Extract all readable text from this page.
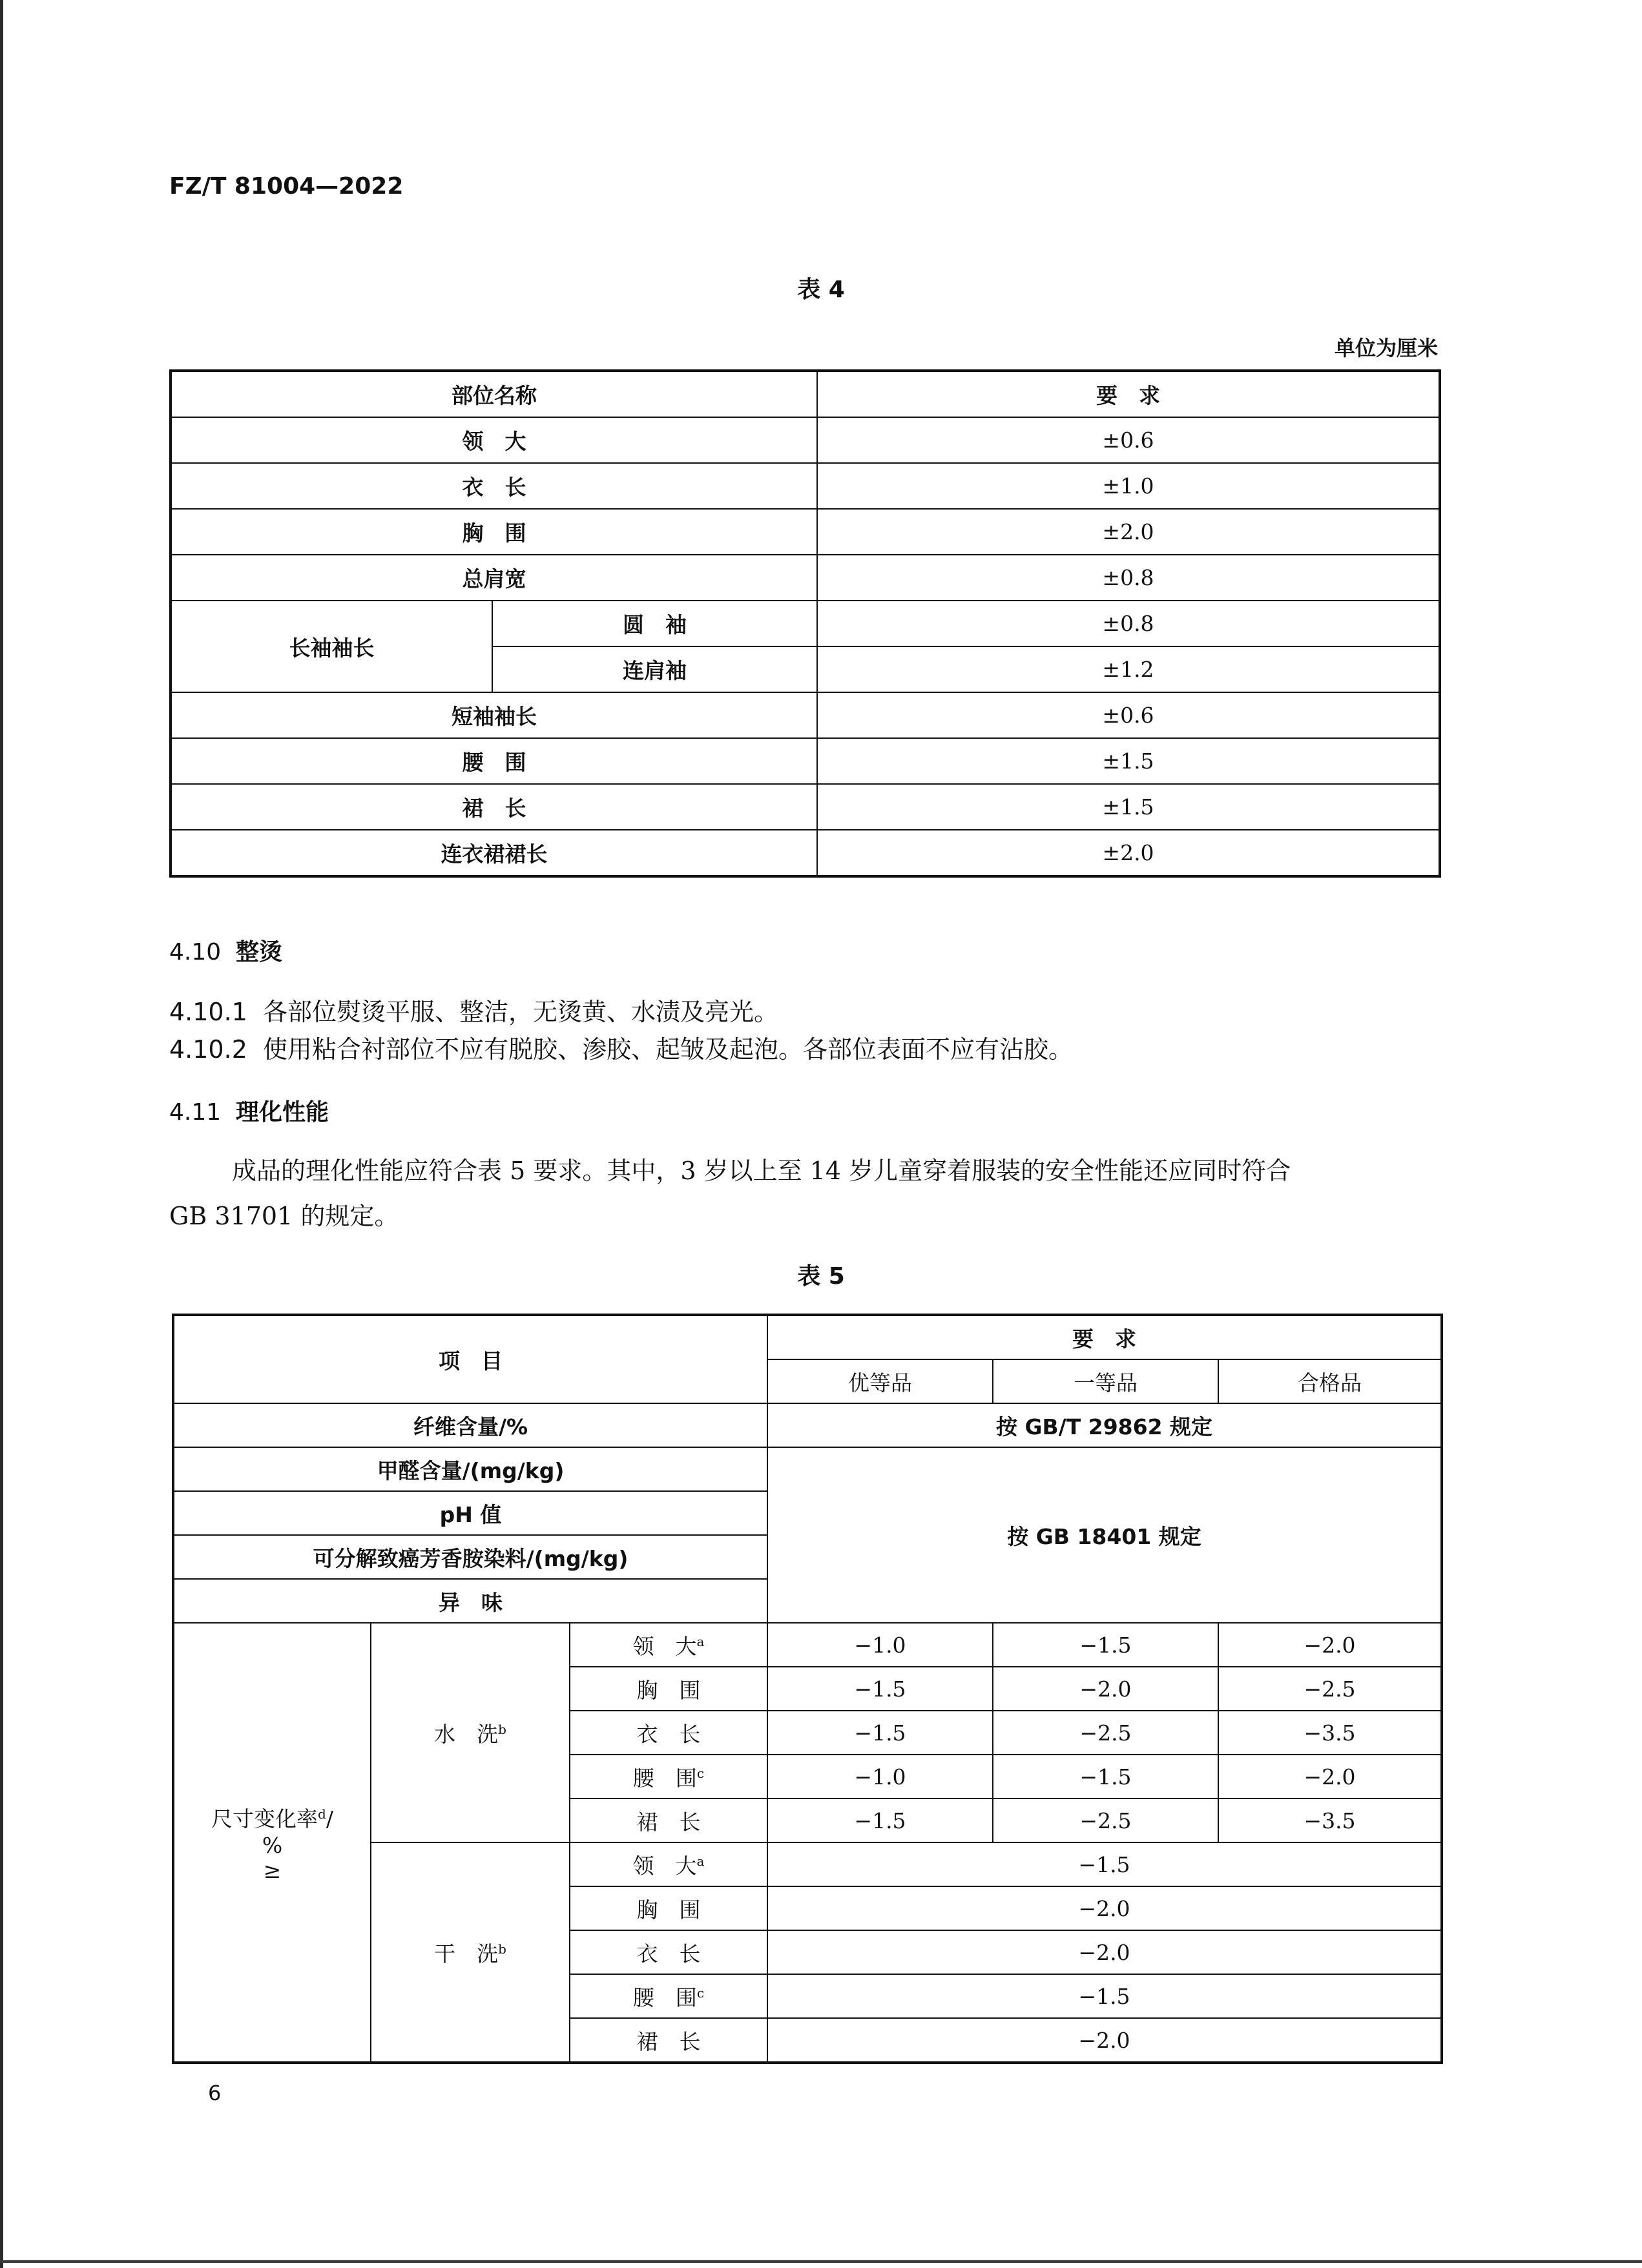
FZ/T 81004—2022
表 4
单位为厘米
部位名称		要　求
领　大		±0.6
衣　长		±1.0
胸　围		±2.0
总肩宽		±0.8
长袖袖长	圆　袖	±0.8
	连肩袖	±1.2
短袖袖长		±0.6
腰　围		±1.5
裙　长		±1.5
连衣裙裙长		±2.0
4.10 整烫
4.10.1 各部位熨烫平服、整洁，无烫黄、水渍及亮光。
4.10.2 使用粘合衬部位不应有脱胶、渗胶、起皱及起泡。各部位表面不应有沾胶。
4.11 理化性能
成品的理化性能应符合表 5 要求。其中，3 岁以上至 14 岁儿童穿着服装的安全性能还应同时符合
GB 31701 的规定。
表 5
项　目			要　求		
			优等品	一等品	合格品
纤维含量/%			按 GB/T 29862 规定		
甲醛含量/(mg/kg)			按 GB 18401 规定		
pH 值					
可分解致癌芳香胺染料/(mg/kg)					
异　味					
尺寸变化率$^d$/
%
≥	水　洗$^b$	领　大$^a$	−1.0	−1.5	−2.0
		胸　围	−1.5	−2.0	−2.5
		衣　长	−1.5	−2.5	−3.5
		腰　围$^c$	−1.0	−1.5	−2.0
		裙　长	−1.5	−2.5	−3.5
	干　洗$^b$	领　大$^a$	−1.5		
		胸　围	−2.0		
		衣　长	−2.0		
		腰　围$^c$	−1.5		
		裙　长	−2.0		
6
